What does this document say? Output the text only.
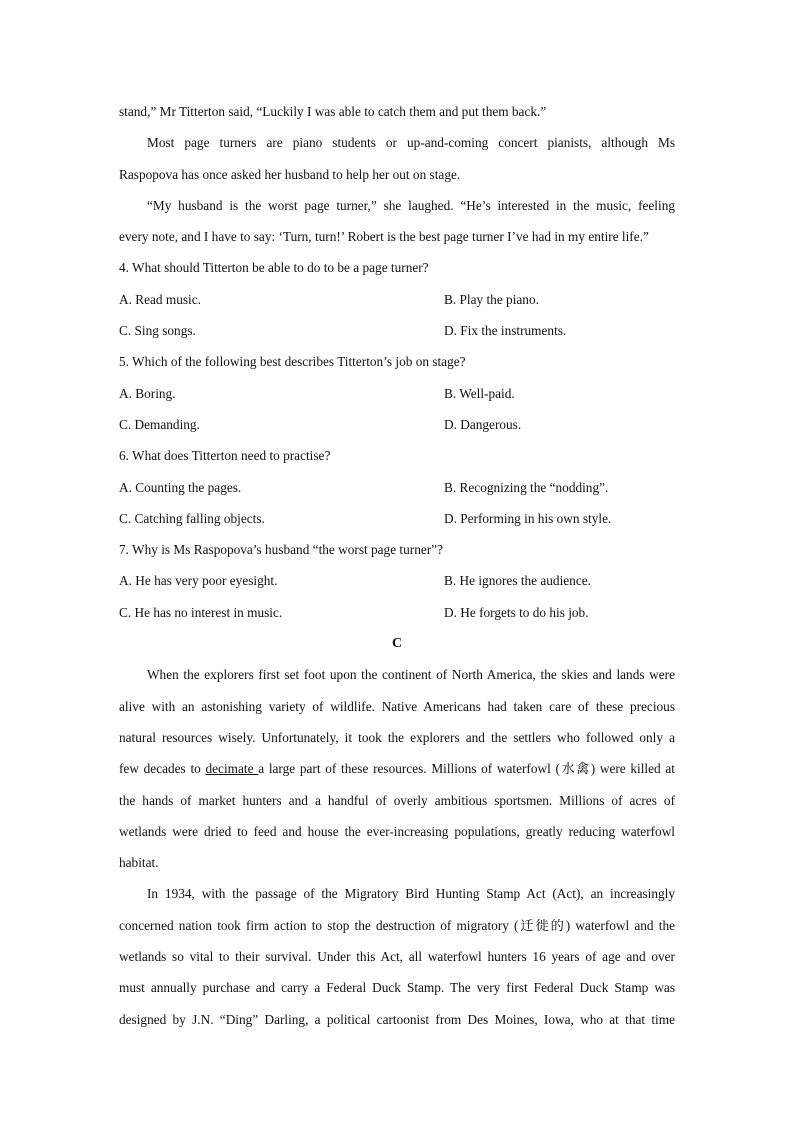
stand,” Mr Titterton said, “Luckily I was able to catch them and put them back.”
Most page turners are piano students or up-and-coming concert pianists, although Ms
Raspopova has once asked her husband to help her out on stage.
“My husband is the worst page turner,” she laughed. “He’s interested in the music, feeling
every note, and I have to say: ‘Turn, turn!’ Robert is the best page turner I’ve had in my entire life.”
4. What should Titterton be able to do to be a page turner?
A. Read music.	B. Play the piano.
C. Sing songs.	D. Fix the instruments.
5. Which of the following best describes Titterton’s job on stage?
A. Boring.	B. Well-paid.
C. Demanding.	D. Dangerous.
6. What does Titterton need to practise?
A. Counting the pages.	B. Recognizing the “nodding”.
C. Catching falling objects.	D. Performing in his own style.
7. Why is Ms Raspopova’s husband “the worst page turner”?
A. He has very poor eyesight.	B. He ignores the audience.
C. He has no interest in music.	D. He forgets to do his job.
C
When the explorers first set foot upon the continent of North America, the skies and lands were
alive with an astonishing variety of wildlife. Native Americans had taken care of these precious
natural resources wisely. Unfortunately, it took the explorers and the settlers who followed only a
few decades to decimate a large part of these resources. Millions of waterfowl (水禽) were killed at
the hands of market hunters and a handful of overly ambitious sportsmen. Millions of acres of
wetlands were dried to feed and house the ever-increasing populations, greatly reducing waterfowl
habitat.
In 1934, with the passage of the Migratory Bird Hunting Stamp Act (Act), an increasingly
concerned nation took firm action to stop the destruction of migratory (迁徙的) waterfowl and the
wetlands so vital to their survival. Under this Act, all waterfowl hunters 16 years of age and over
must annually purchase and carry a Federal Duck Stamp. The very first Federal Duck Stamp was
designed by J.N. “Ding” Darling, a political cartoonist from Des Moines, Iowa, who at that time
